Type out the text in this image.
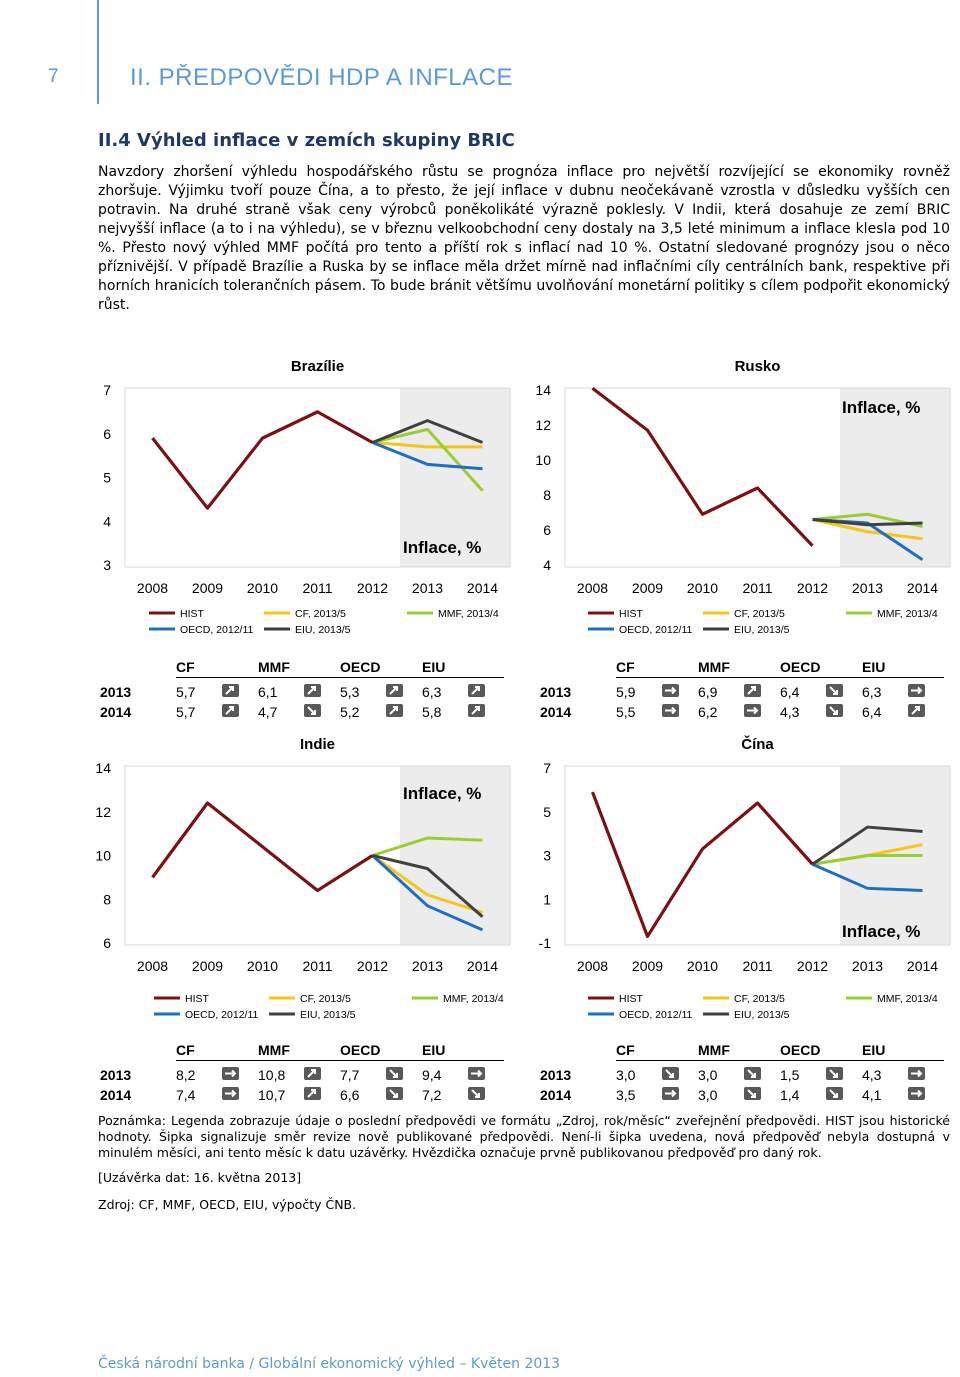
7	II. PŘEDPOVĚDI HDP A INFLACE
II.4 Výhled inflace v zemích skupiny BRIC

Navzdory zhoršení výhledu hospodářského růstu se prognóza inflace pro největší rozvíjející se ekonomiky rovněž zhoršuje. Výjimku tvoří pouze Čína, a to přesto, že její inflace v dubnu neočekávaně vzrostla v důsledku vyšších cen potravin. Na druhé straně však ceny výrobců poněkolikáté výrazně poklesly. V Indii, která dosahuje ze zemí BRIC nejvyšší inflace (a to i na výhledu), se v březnu velkoobchodní ceny dostaly na 3,5 leté minimum a inflace klesla pod 10 %. Přesto nový výhled MMF počítá pro tento a příští rok s inflací nad 10 %. Ostatní sledované prognózy jsou o něco příznivější. V případě Brazílie a Ruska by se inflace měla držet mírně nad inflačními cíly centrálních bank, respektive při horních hranicích tolerančních pásem. To bude bránit většímu uvolňování monetární politiky s cílem podpořit ekonomický růst.

Brazílie
7
6
5
4
3
2008 2009 2010 2011 2012 2013 2014
Inflace, %
Rusko
14
12
10
8
6
4
2008 2009 2010 2011 2012 2013 2014
Inflace, %
Indie
14
12
10
8
6
2008 2009 2010 2011 2012 2013 2014
Inflace, %
Čína
7
5
3
1
-1
2008 2009 2010 2011 2012 2013 2014
Inflace, %
HIST	CF, 2013/5	MMF, 2013/4
OECD, 2012/11	EIU, 2013/5
HIST	CF, 2013/5	MMF, 2013/4
OECD, 2012/11	EIU, 2013/5
HIST	CF, 2013/5	MMF, 2013/4
OECD, 2012/11	EIU, 2013/5
HIST	CF, 2013/5	MMF, 2013/4
OECD, 2012/11	EIU, 2013/5
	CF		MMF		OECD		EIU	

2013	5,7		6,1		5,3		6,3	

2014	5,7		4,7		5,2		5,8	
	CF		MMF		OECD		EIU	

2013	5,9		6,9		6,4		6,3	

2014	5,5		6,2		4,3		6,4	
	CF		MMF		OECD		EIU	

2013	8,2		10,8		7,7		9,4	

2014	7,4		10,7		6,6		7,2	
	CF		MMF		OECD		EIU	

2013	3,0		3,0		1,5		4,3	

2014	3,5		3,0		1,4		4,1	

Poznámka: Legenda zobrazuje údaje o poslední předpovědi ve formátu „Zdroj, rok/měsíc“ zveřejnění předpovědi. HIST jsou historické hodnoty. Šipka signalizuje směr revize nově publikované předpovědi. Není-li šipka uvedena, nová předpověď nebyla dostupná v minulém měsíci, ani tento měsíc k datu uzávěrky. Hvězdička označuje prvně publikovanou předpověď pro daný rok.

[Uzávěrka dat: 16. května 2013]
Zdroj: CF, MMF, OECD, EIU, výpočty ČNB.
Česká národní banka / Globální ekonomický výhled – Květen 2013
